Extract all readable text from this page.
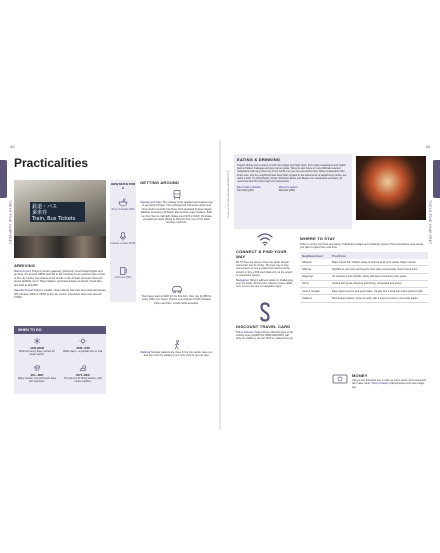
43	43
TOKYO FIND YOUR FEET	TOKYO FIND YOUR FEET
Practicalities
鉄道・バス
乗車券
Train, Bus Tickets
ARRIVING

Narita Airport Tokyo's primary gateway (pictured): most budget flights end up here. It's around ¥3000 (and 60 to 90 minutes) for an express train or bus to the city centre; buy tickets at the kiosks in the arrivals terminal. Discount buses (¥1000) run to Tokyo Station; purchase tickets on-board. Fixed-fare taxi start at ¥23,000.

Haneda Airport Tokyo's smaller, closer airport has train and monorail access (25 minutes, ¥300 to ¥500) to the city centre. Fixed-fare taxis cost around ¥7000.

WHEN TO GO
JAN–MAR
Brisk but sunny days, perfect for winter sports.
APR–JUN
Warm days – a popular time to visit.
JUL–SEP
Rainy season: hot and humid days with typhoons.
OCT–DEC
The tail end of hiking season, with cooler weather.
HOW MUCH FOR A
Bowl of noodles ¥800
Karaoke session ¥1000
Craft beer ¥900
GETTING AROUND

Subway and train The subway is the quickest and easiest way to get around Tokyo. The underground Yamanote (loop) and Chuo-Sobu (central) train lines, both operated by East Japan Railway Company (JR East), also service major stations. Both run from 5am to midnight. Rides cost ¥170 to ¥320. Purchase prepaid fare cards (Suica or Pasmo) from one of the ticket vending machines.

Taxi Fares start at ¥420 for the first 1km, then rise by ¥80 for every 233m you travel. There's a surcharge of 20% between 10pm and 5am. Credit cards accepted.

Walking Subway stations are close in the city centre: save yen and see more by walking if you only need to go one stop.

SUSHI SET AT A RESTAURANT ADOBESTOCK
EATING & DRINKING

Tokyo's dining scene caters to both the budget and high-class, from sushi restaurants and stylish bars to hidden izakayas and cosy ramen joints. Tokyo is also home to more Michelin-starred restaurants than any other city in the world, but you can eat well for less. Many restaurants offer lunch sets, and the neighbourhood food halls, located in the basements of department stores, are worth a look. Try Nihonbashi, Ginza, Shinjuku, Ebisu and Meguro for restaurants and bars, all recommended for mid-to-high end restaurants.

Best craft cocktails
SG Club (p84)
Must-try ramen
Menshō (p85)
CONNECT & FIND YOUR WAY

Wi-fi There are plenty of free hot spots, though connection can be spotty. The best way to stay connected is to rent a pocket wi-fi device (at the airport) or buy a SIM card (data only, at the airport or electronics shops).

Navigation Tokyo's address system is challenging, even for locals. All the more reason to have stable wi-fi, so you can rely on navigation apps.

DISCOUNT TRAVEL CARD

Tokyo Subway Ticket Gives unlimited rides on all subway lines (24/48/72hr ¥800/1200/1500; half price for children), but not JR lines. (tokyometro.jp)

WHERE TO STAY

Tokyo is pricey, but there are plenty of attractive budget and midrange options. Pick somewhere near where you plan to spend the most time.

Neighbourhood	Pros/Cons
Shinjuku	Major transit hub. Widest range of options at all price points. Major crowds.
Shibuya	Nightlife at your door and big-city buzz (also a downside). Good transit links.
Roppongi	Art museums and nightlife. Noisy with less convenient outer areas.
Ginza	Central with great shopping and dining. Congested and pricey.
Ueno & Yanaka	Easy airport access and good value. Yanaka has a local feel and is good at night.
Asakusa	Best budget options. Quiet at night, with a long commute to west-side sights.
MONEY

Carry a few thousand yen in cash as some shops and restaurants don't take cards. Tokyo Cheapo (tokyocheapo.com) has budget tips.
